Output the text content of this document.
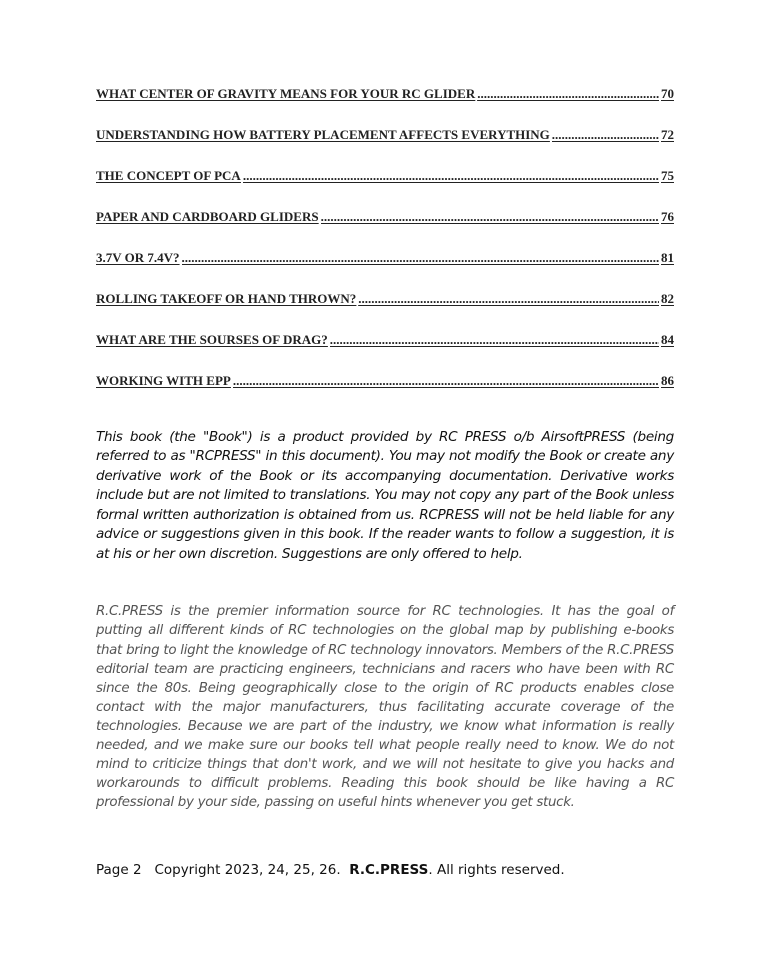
WHAT CENTER OF GRAVITY MEANS FOR YOUR RC GLIDER .....	70
UNDERSTANDING HOW BATTERY PLACEMENT AFFECTS EVERYTHING .....	72
THE CONCEPT OF PCA .....	75
PAPER AND CARDBOARD GLIDERS .....	76
3.7V OR 7.4V? .....	81
ROLLING TAKEOFF OR HAND THROWN? .....	82
WHAT ARE THE SOURSES OF DRAG? .....	84
WORKING WITH EPP .....	86

This book (the "Book") is a product provided by RC PRESS o/b AirsoftPRESS (being referred to as "RCPRESS" in this document). You may not modify the Book or create any derivative work of the Book or its accompanying documentation. Derivative works include but are not limited to translations. You may not copy any part of the Book unless formal written authorization is obtained from us. RCPRESS will not be held liable for any advice or suggestions given in this book. If the reader wants to follow a suggestion, it is at his or her own discretion. Suggestions are only offered to help.

R.C.PRESS is the premier information source for RC technologies. It has the goal of putting all different kinds of RC technologies on the global map by publishing e-books that bring to light the knowledge of RC technology innovators. Members of the R.C.PRESS editorial team are practicing engineers, technicians and racers who have been with RC since the 80s. Being geographically close to the origin of RC products enables close contact with the major manufacturers, thus facilitating accurate coverage of the technologies. Because we are part of the industry, we know what information is really needed, and we make sure our books tell what people really need to know. We do not mind to criticize things that don't work, and we will not hesitate to give you hacks and workarounds to difficult problems. Reading this book should be like having a RC professional by your side, passing on useful hints whenever you get stuck.

Page 2 Copyright 2023, 24, 25, 26. R.C.PRESS. All rights reserved.
